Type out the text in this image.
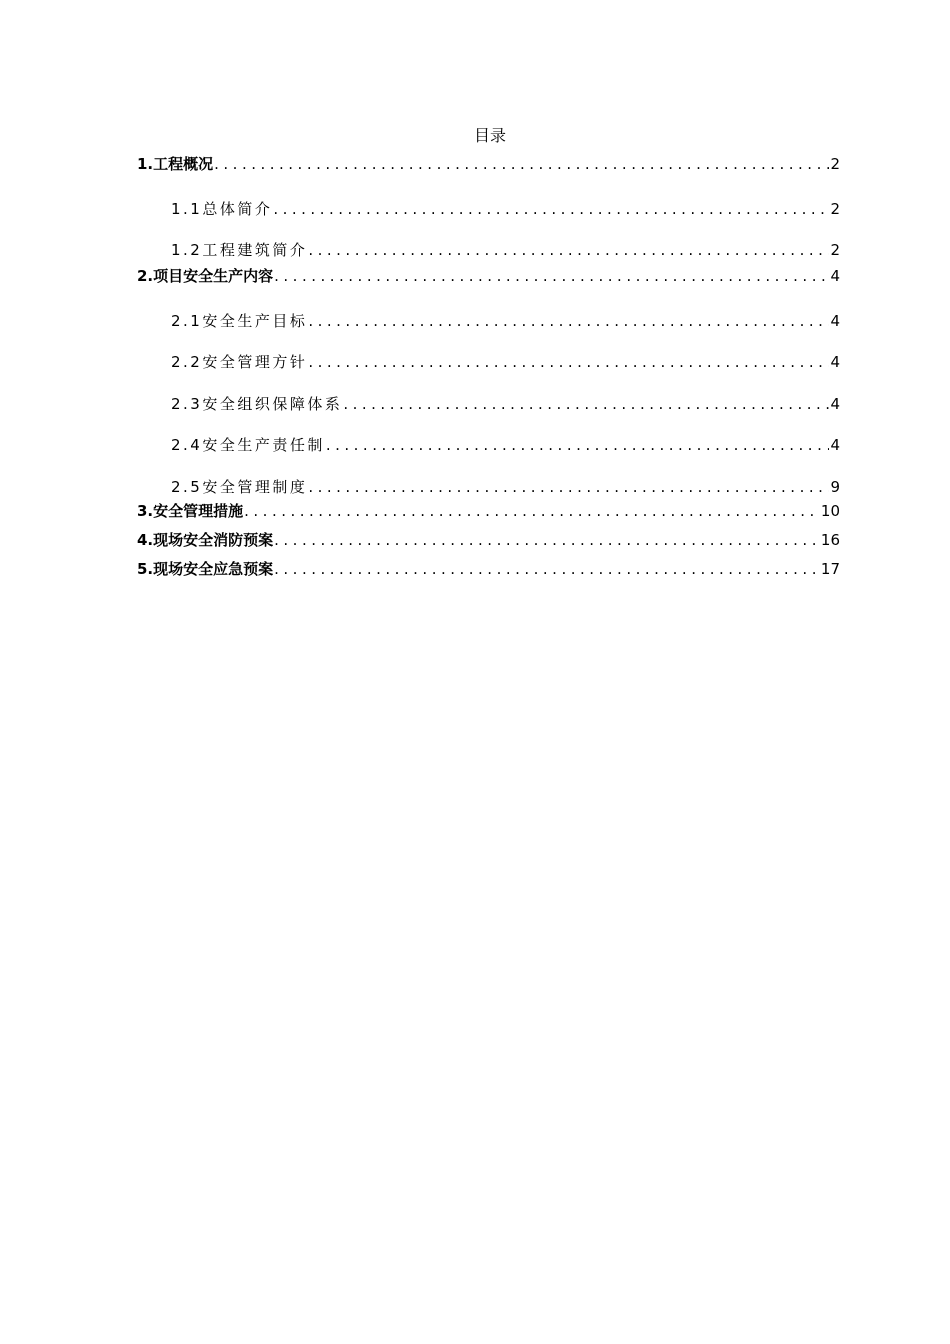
目录
1.工程概况 .....	2
1.1总体简介 .....	2
1.2工程建筑简介 .....	2
2.项目安全生产内容 .....	4
2.1安全生产目标 .....	4
2.2安全管理方针 .....	4
2.3安全组织保障体系 .....	4
2.4安全生产责任制 .....	4
2.5安全管理制度 .....	9
3.安全管理措施 .....	10
4.现场安全消防预案 .....	16
5.现场安全应急预案 .....	17
